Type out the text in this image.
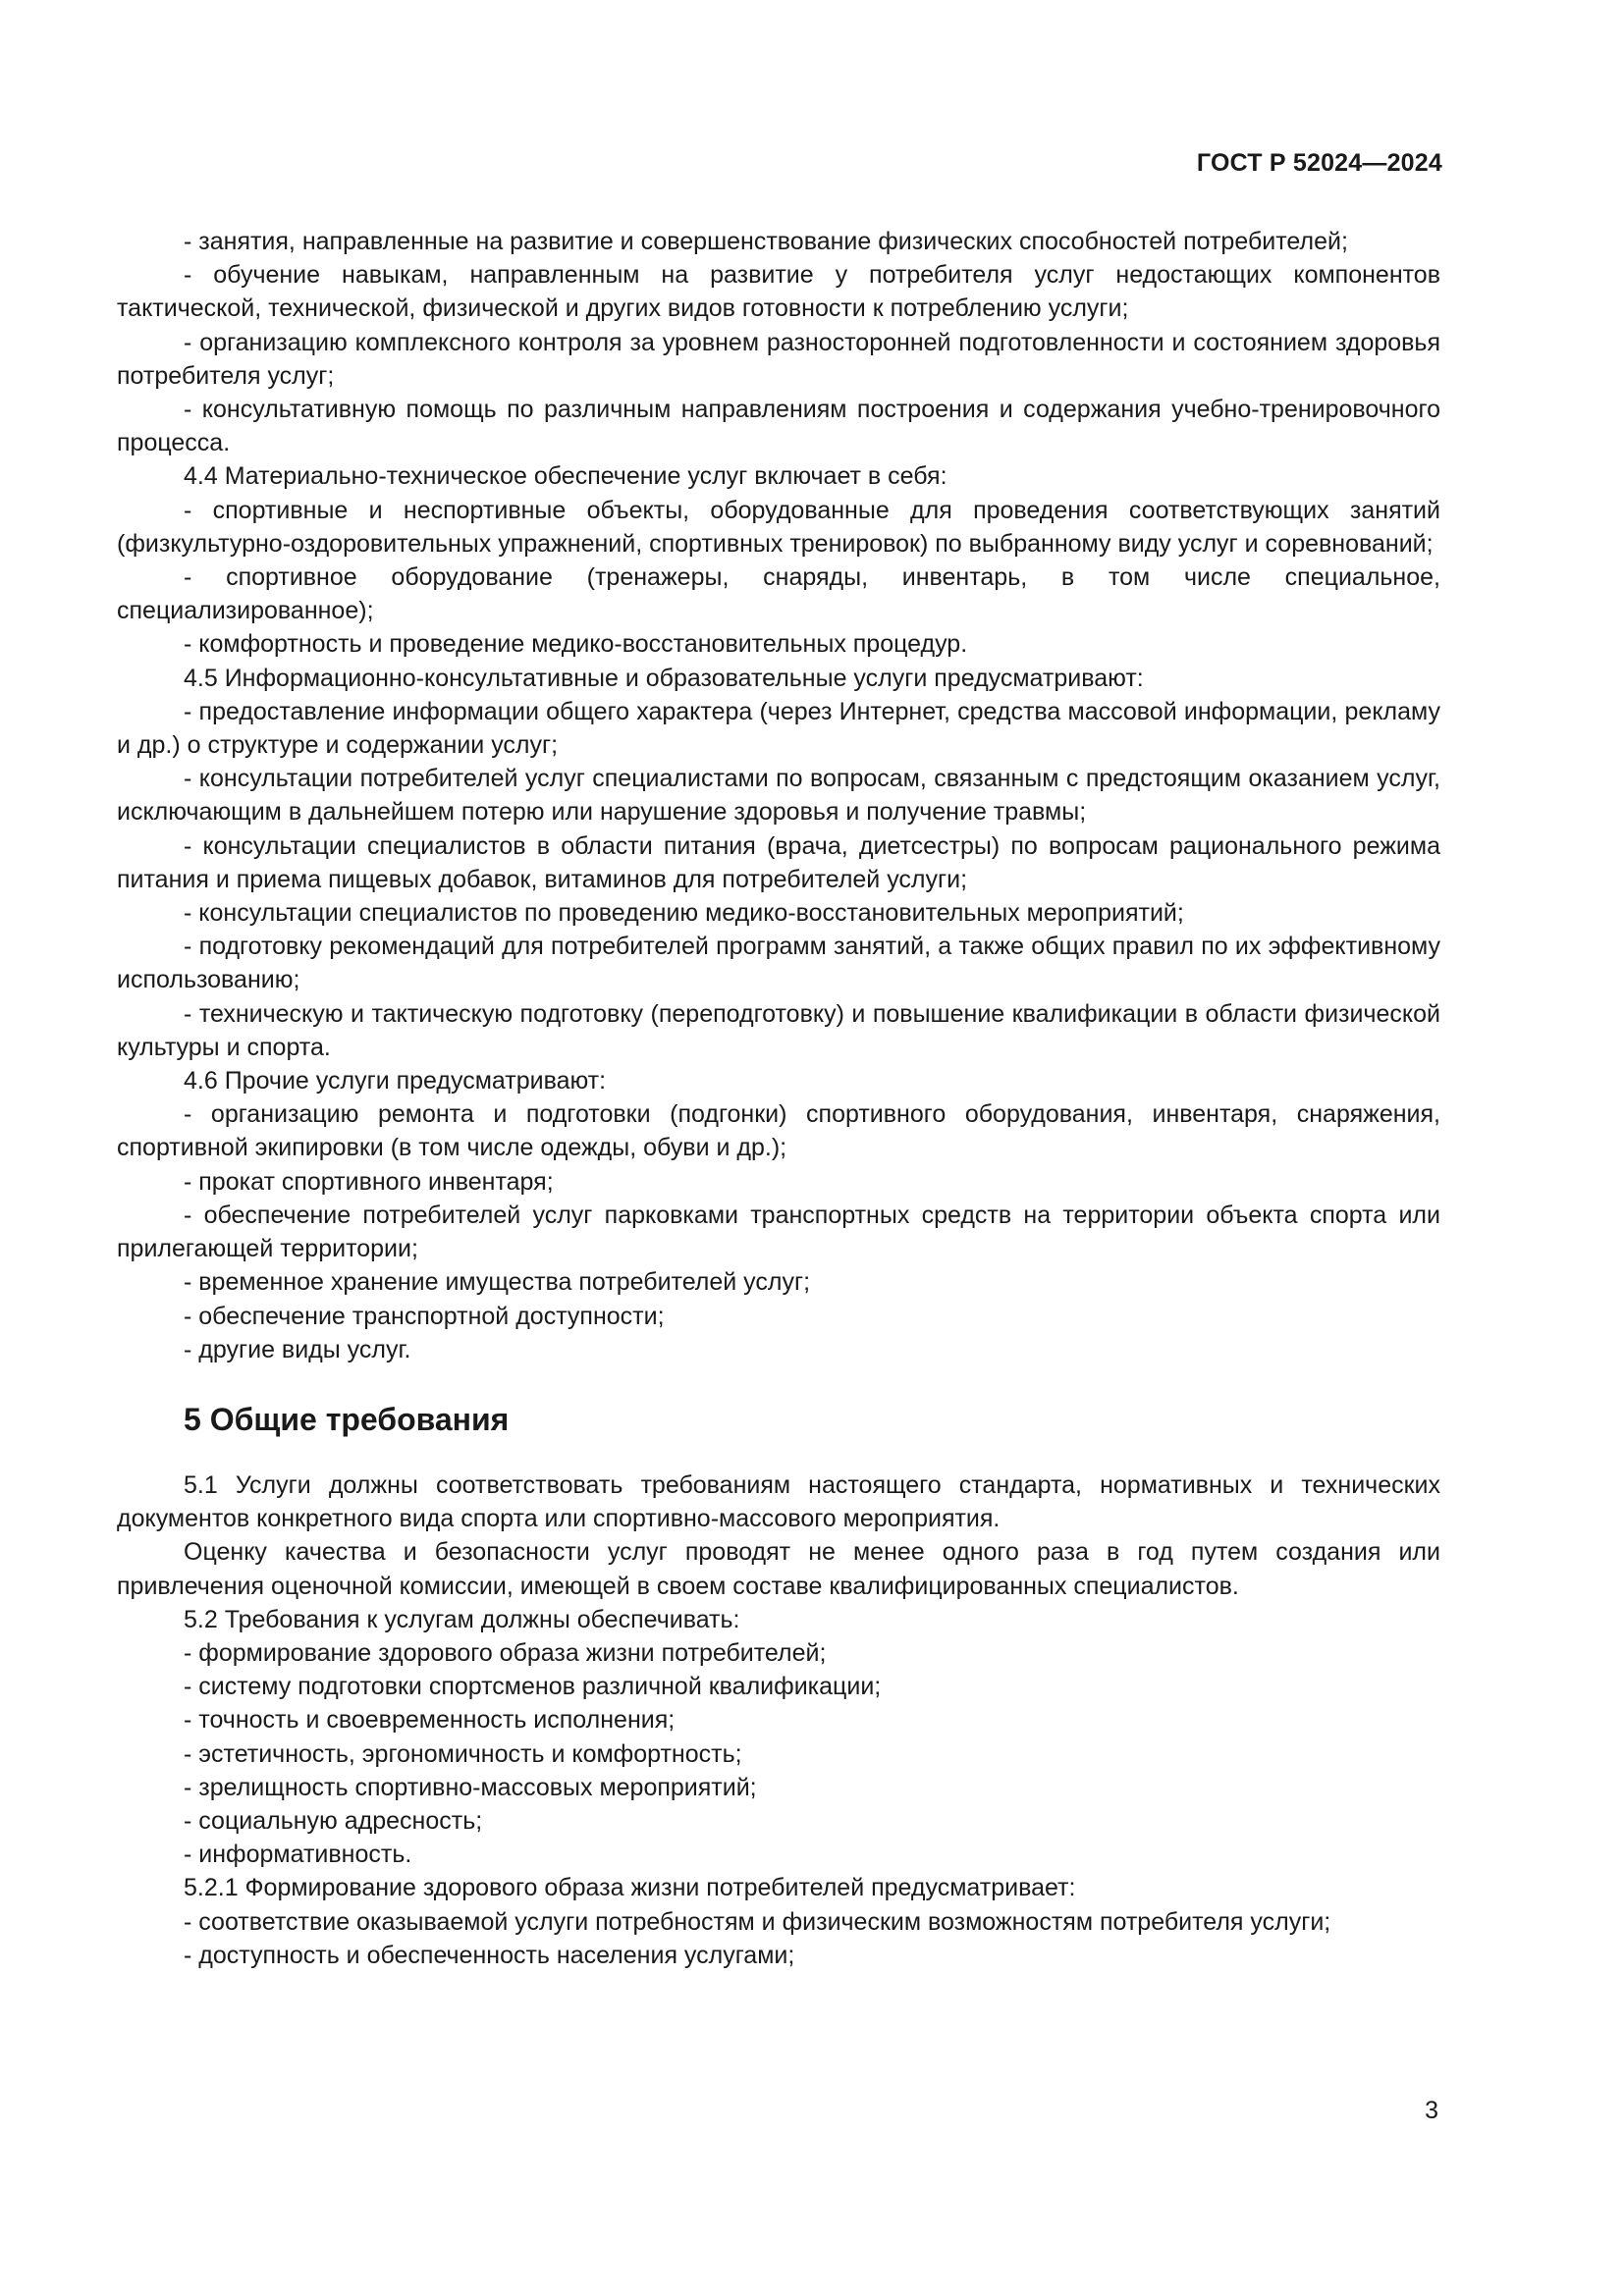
ГОСТ Р 52024—2024

- занятия, направленные на развитие и совершенствование физических способностей потребителей;

- обучение навыкам, направленным на развитие у потребителя услуг недостающих компонентов тактической, технической, физической и других видов готовности к потреблению услуги;

- организацию комплексного контроля за уровнем разносторонней подготовленности и состоянием здоровья потребителя услуг;

- консультативную помощь по различным направлениям построения и содержания учебно-тренировочного процесса.

4.4 Материально-техническое обеспечение услуг включает в себя:

- спортивные и неспортивные объекты, оборудованные для проведения соответствующих занятий (физкультурно-оздоровительных упражнений, спортивных тренировок) по выбранному виду услуг и соревнований;

- спортивное оборудование (тренажеры, снаряды, инвентарь, в том числе специальное, специализированное);

- комфортность и проведение медико-восстановительных процедур.

4.5 Информационно-консультативные и образовательные услуги предусматривают:

- предоставление информации общего характера (через Интернет, средства массовой информации, рекламу и др.) о структуре и содержании услуг;

- консультации потребителей услуг специалистами по вопросам, связанным с предстоящим оказанием услуг, исключающим в дальнейшем потерю или нарушение здоровья и получение травмы;

- консультации специалистов в области питания (врача, диетсестры) по вопросам рационального режима питания и приема пищевых добавок, витаминов для потребителей услуги;

- консультации специалистов по проведению медико-восстановительных мероприятий;

- подготовку рекомендаций для потребителей программ занятий, а также общих правил по их эффективному использованию;

- техническую и тактическую подготовку (переподготовку) и повышение квалификации в области физической культуры и спорта.

4.6 Прочие услуги предусматривают:

- организацию ремонта и подготовки (подгонки) спортивного оборудования, инвентаря, снаряжения, спортивной экипировки (в том числе одежды, обуви и др.);

- прокат спортивного инвентаря;

- обеспечение потребителей услуг парковками транспортных средств на территории объекта спорта или прилегающей территории;

- временное хранение имущества потребителей услуг;

- обеспечение транспортной доступности;

- другие виды услуг.

5 Общие требования

5.1 Услуги должны соответствовать требованиям настоящего стандарта, нормативных и технических документов конкретного вида спорта или спортивно-массового мероприятия.

Оценку качества и безопасности услуг проводят не менее одного раза в год путем создания или привлечения оценочной комиссии, имеющей в своем составе квалифицированных специалистов.

5.2 Требования к услугам должны обеспечивать:

- формирование здорового образа жизни потребителей;

- систему подготовки спортсменов различной квалификации;

- точность и своевременность исполнения;

- эстетичность, эргономичность и комфортность;

- зрелищность спортивно-массовых мероприятий;

- социальную адресность;

- информативность.

5.2.1 Формирование здорового образа жизни потребителей предусматривает:

- соответствие оказываемой услуги потребностям и физическим возможностям потребителя услуги;

- доступность и обеспеченность населения услугами;

3
